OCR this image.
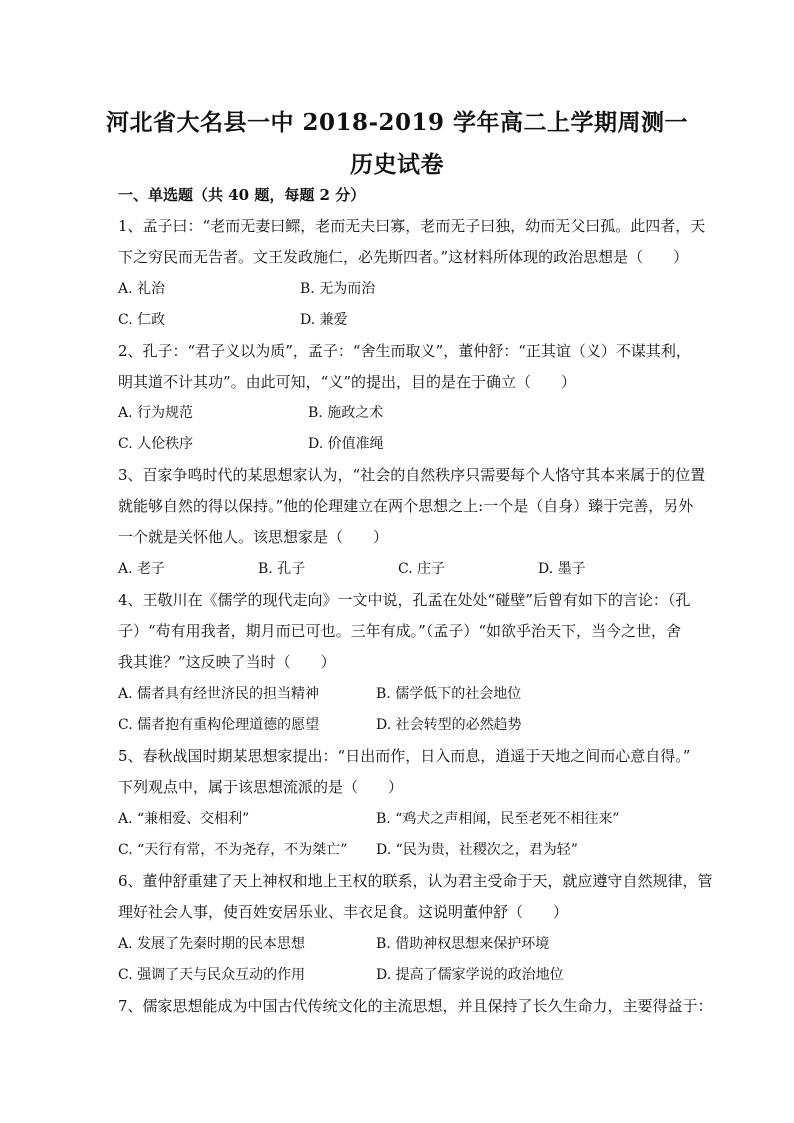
河北省大名县一中 2018-2019 学年高二上学期周测一
历史试卷
一、单选题（共 40 题，每题 2 分）
1、孟子曰：“老而无妻曰鳏，老而无夫曰寡，老而无子曰独，幼而无父曰孤。此四者，天
下之穷民而无告者。文王发政施仁，必先斯四者。”这材料所体现的政治思想是（　　）
A. 礼治	B. 无为而治
C. 仁政	D. 兼爱
2、孔子：“君子义以为质”，孟子：“舍生而取义”，董仲舒：“正其谊（义）不谋其利，
明其道不计其功”。由此可知，“义”的提出，目的是在于确立（　　）
A. 行为规范	B. 施政之术
C. 人伦秩序	D. 价值准绳
3、百家争鸣时代的某思想家认为，“社会的自然秩序只需要每个人恪守其本来属于的位置
就能够自然的得以保持。”他的伦理建立在两个思想之上:一个是（自身）臻于完善，另外
一个就是关怀他人。该思想家是（　　）
A. 老子	B. 孔子	C. 庄子	D. 墨子
4、王敬川在《儒学的现代走向》一文中说，孔孟在处处“碰壁”后曾有如下的言论：（孔
子）“苟有用我者，期月而已可也。三年有成。”（孟子）“如欲乎治天下，当今之世，舍
我其谁？”这反映了当时（　　）
A. 儒者具有经世济民的担当精神	B. 儒学低下的社会地位
C. 儒者抱有重构伦理道德的愿望	D. 社会转型的必然趋势
5、春秋战国时期某思想家提出：“日出而作，日入而息，逍遥于天地之间而心意自得。”
下列观点中，属于该思想流派的是（　　）
A. “兼相爱、交相利”	B. “鸡犬之声相闻，民至老死不相往来”
C. “天行有常，不为尧存，不为桀亡” D. “民为贵，社稷次之，君为轻”
6、董仲舒重建了天上神权和地上王权的联系，认为君主受命于天，就应遵守自然规律，管
理好社会人事，使百姓安居乐业、丰衣足食。这说明董仲舒（　　）
A. 发展了先秦时期的民本思想	B. 借助神权思想来保护环境
C. 强调了天与民众互动的作用	D. 提高了儒家学说的政治地位
7、儒家思想能成为中国古代传统文化的主流思想，并且保持了长久生命力，主要得益于：
